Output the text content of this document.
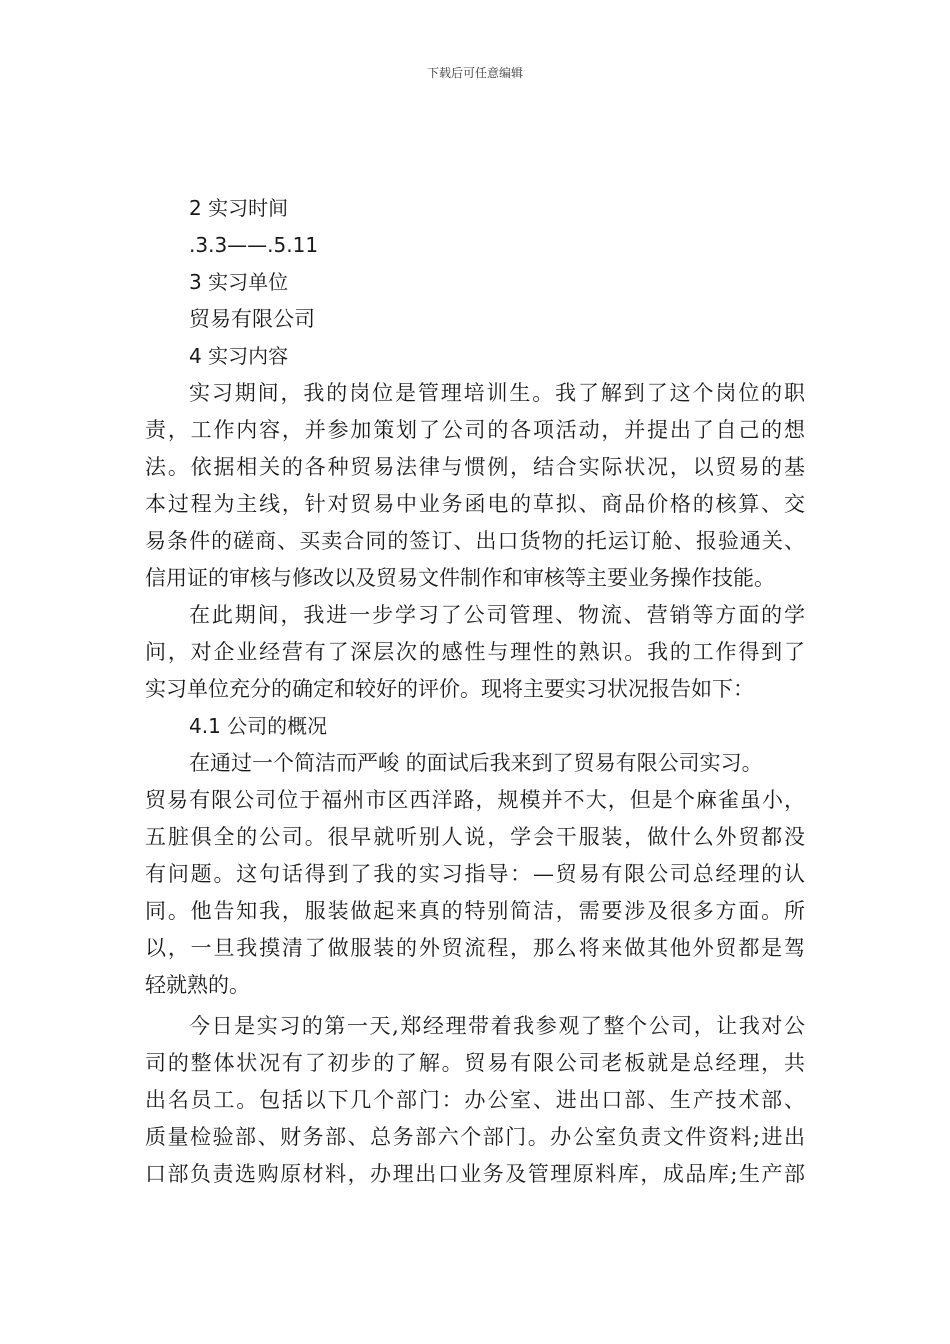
下载后可任意编辑
2 实习时间
.3.3——.5.11
3 实习单位
贸易有限公司
4 实习内容
实习期间，我的岗位是管理培训生。我了解到了这个岗位的职
责，工作内容，并参加策划了公司的各项活动，并提出了自己的想
法。依据相关的各种贸易法律与惯例，结合实际状况，以贸易的基
本过程为主线，针对贸易中业务函电的草拟、商品价格的核算、交
易条件的磋商、买卖合同的签订、出口货物的托运订舱、报验通关、
信用证的审核与修改以及贸易文件制作和审核等主要业务操作技能。
在此期间，我进一步学习了公司管理、物流、营销等方面的学
问，对企业经营有了深层次的感性与理性的熟识。我的工作得到了
实习单位充分的确定和较好的评价。现将主要实习状况报告如下：
4.1 公司的概况
在通过一个简洁而严峻 的面试后我来到了贸易有限公司实习。
贸易有限公司位于福州市区西洋路，规模并不大，但是个麻雀虽小，
五脏俱全的公司。很早就听别人说，学会干服装，做什么外贸都没
有问题。这句话得到了我的实习指导：—贸易有限公司总经理的认
同。他告知我，服装做起来真的特别简洁，需要涉及很多方面。所
以，一旦我摸清了做服装的外贸流程，那么将来做其他外贸都是驾
轻就熟的。
今日是实习的第一天,郑经理带着我参观了整个公司，让我对公
司的整体状况有了初步的了解。贸易有限公司老板就是总经理，共
出名员工。包括以下几个部门：办公室、进出口部、生产技术部、
质量检验部、财务部、总务部六个部门。办公室负责文件资料;进出
口部负责选购原材料，办理出口业务及管理原料库，成品库;生产部
